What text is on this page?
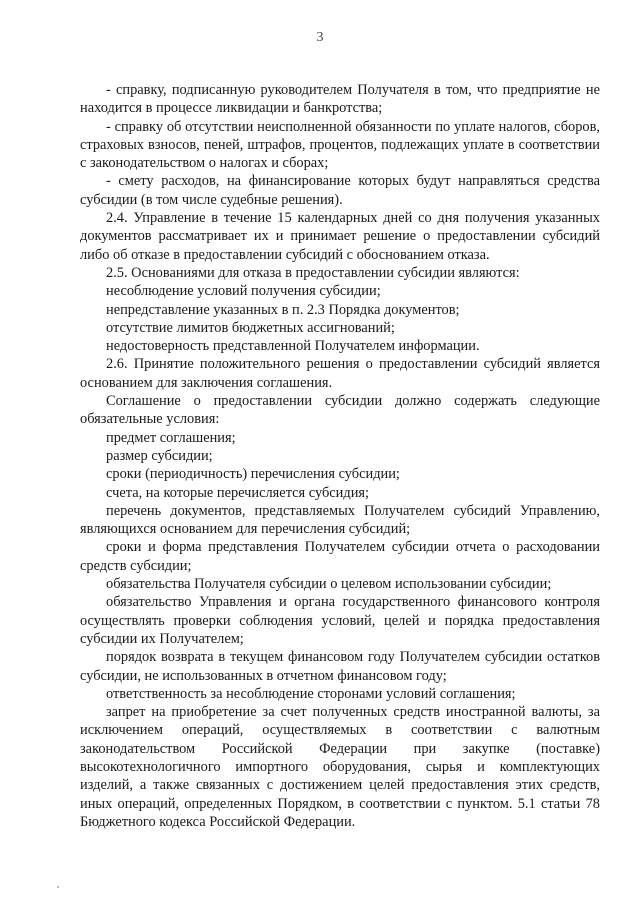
3

- справку, подписанную руководителем Получателя в том, что предприятие не находится в процессе ликвидации и банкротства;

- справку об отсутствии неисполненной обязанности по уплате налогов, сборов, страховых взносов, пеней, штрафов, процентов, подлежащих уплате в соответствии с законодательством о налогах и сборах;

- смету расходов, на финансирование которых будут направляться средства субсидии (в том числе судебные решения).

2.4. Управление в течение 15 календарных дней со дня получения указанных документов рассматривает их и принимает решение о предоставлении субсидий либо об отказе в предоставлении субсидий с обоснованием отказа.

2.5. Основаниями для отказа в предоставлении субсидии являются:

несоблюдение условий получения субсидии;

непредставление указанных в п. 2.3 Порядка документов;

отсутствие лимитов бюджетных ассигнований;

недостоверность представленной Получателем информации.

2.6. Принятие положительного решения о предоставлении субсидий является основанием для заключения соглашения.

Соглашение о предоставлении субсидии должно содержать следующие обязательные условия:

предмет соглашения;

размер субсидии;

сроки (периодичность) перечисления субсидии;

счета, на которые перечисляется субсидия;

перечень документов, представляемых Получателем субсидий Управлению, являющихся основанием для перечисления субсидий;

сроки и форма представления Получателем субсидии отчета о расходовании средств субсидии;

обязательства Получателя субсидии о целевом использовании субсидии;

обязательство Управления и органа государственного финансового контроля осуществлять проверки соблюдения условий, целей и порядка предоставления субсидии их Получателем;

порядок возврата в текущем финансовом году Получателем субсидии остатков субсидии, не использованных в отчетном финансовом году;

ответственность за несоблюдение сторонами условий соглашения;

запрет на приобретение за счет полученных средств иностранной валюты, за исключением операций, осуществляемых в соответствии с валютным законодательством Российской Федерации при закупке (поставке) высокотехнологичного импортного оборудования, сырья и комплектующих изделий, а также связанных с достижением целей предоставления этих средств, иных операций, определенных Порядком, в соответствии с пунктом. 5.1 статьи 78 Бюджетного кодекса Российской Федерации.
